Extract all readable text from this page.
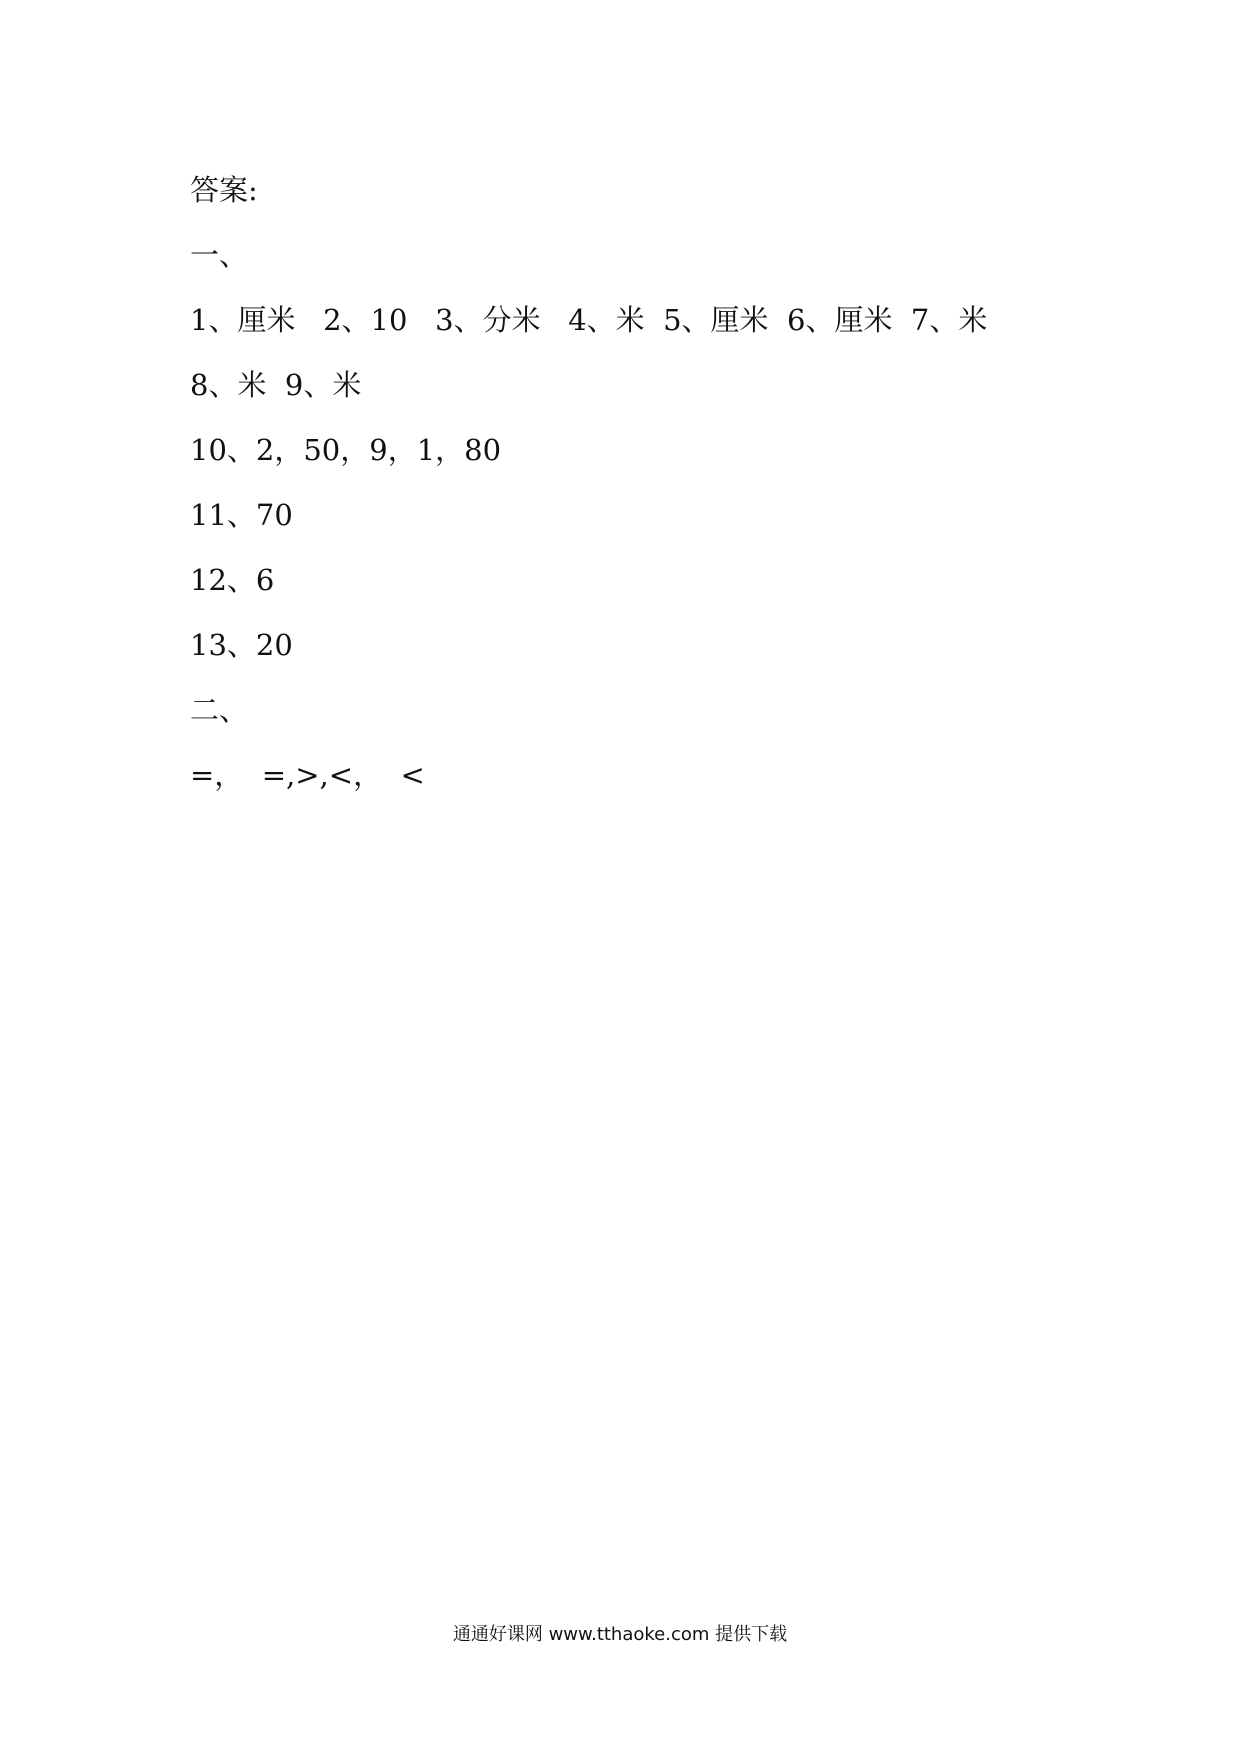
答案:
一、
1、厘米   2、10   3、分米   4、米  5、厘米  6、厘米  7、米
8、米  9、米
10、2，50，9，1，80
11、70
12、6
13、20
二、
=，  =,>,<，  <
通通好课网 www.tthaoke.com 提供下载
